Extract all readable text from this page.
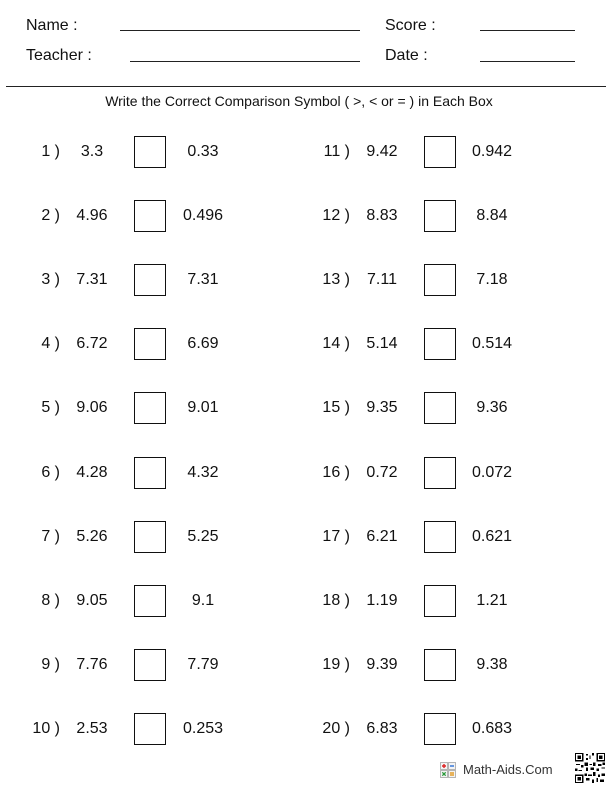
Name :
Teacher :
Score :
Date :
Write the Correct Comparison Symbol ( >, < or = ) in Each Box
1 )	3.3	0.33
2 )	4.96	0.496
3 )	7.31	7.31
4 )	6.72	6.69
5 )	9.06	9.01
6 )	4.28	4.32
7 )	5.26	5.25
8 )	9.05	9.1
9 )	7.76	7.79
10 )	2.53	0.253
11 )	9.42	0.942
12 )	8.83	8.84
13 )	7.11	7.18
14 )	5.14	0.514
15 )	9.35	9.36
16 )	0.72	0.072
17 )	6.21	0.621
18 )	1.19	1.21
19 )	9.39	9.38
20 )	6.83	0.683
Math-Aids.Com
